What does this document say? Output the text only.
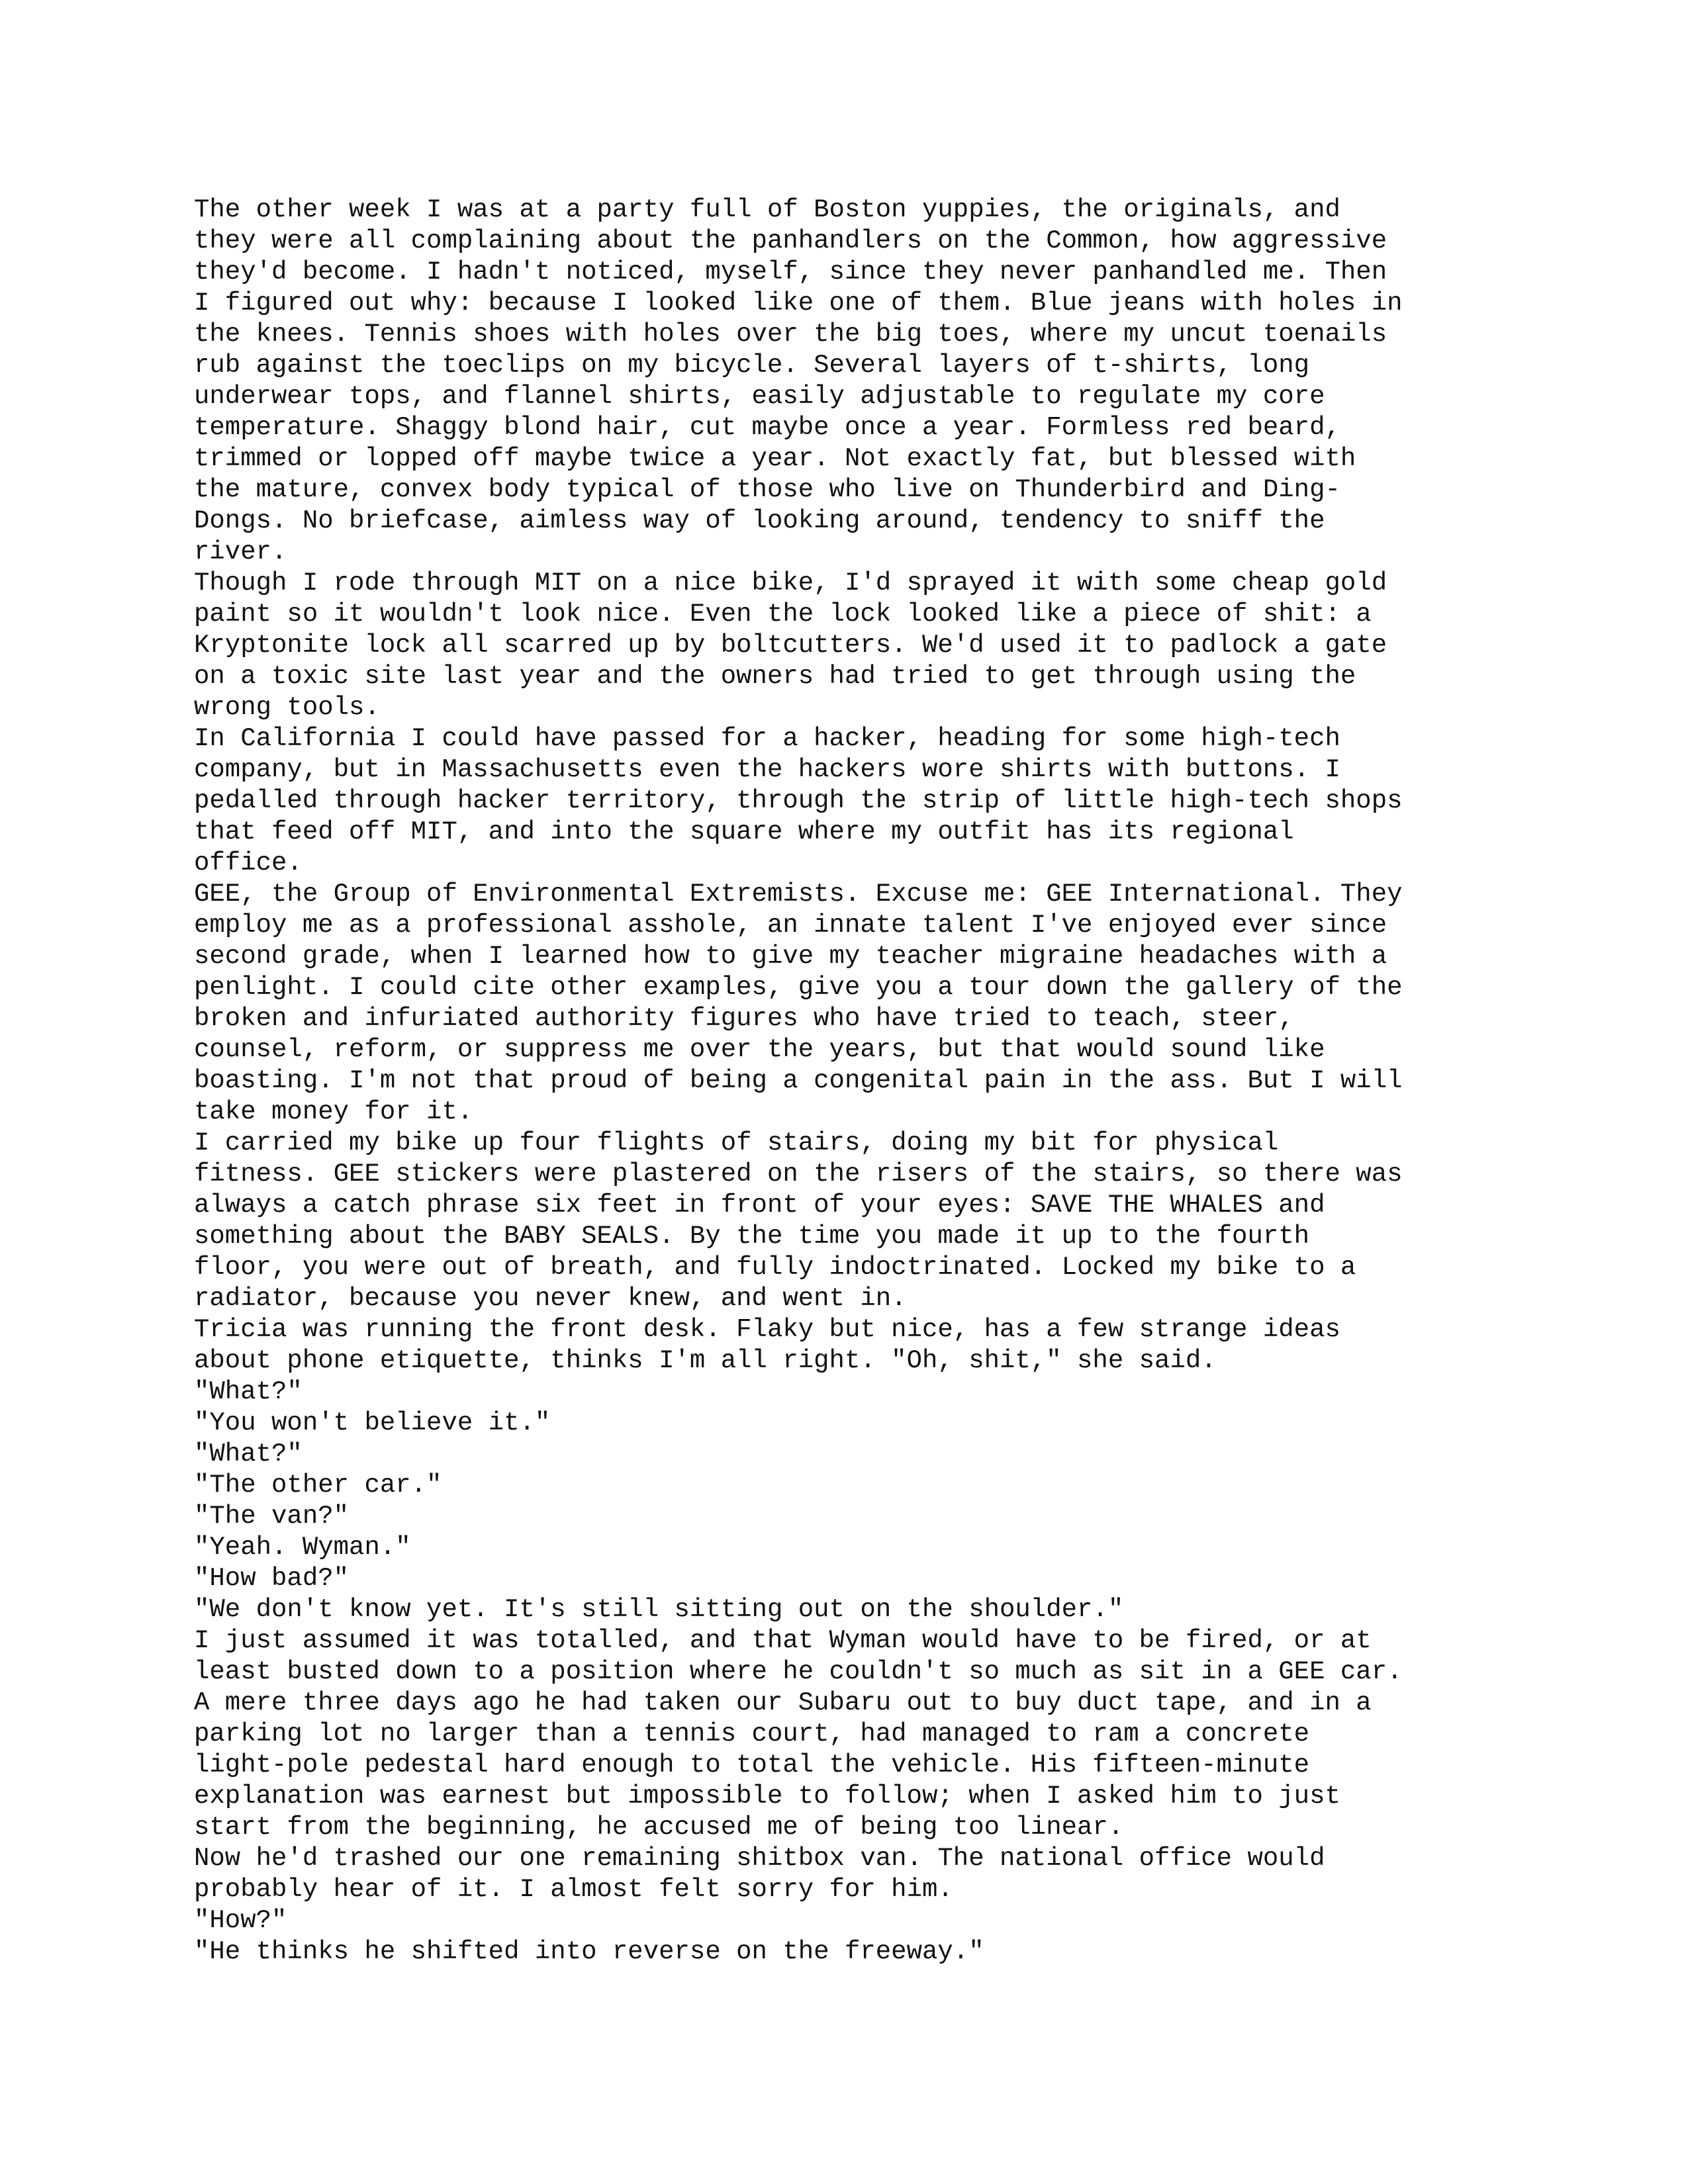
The other week I was at a party full of Boston yuppies, the originals, and
they were all complaining about the panhandlers on the Common, how aggressive
they'd become. I hadn't noticed, myself, since they never panhandled me. Then
I figured out why: because I looked like one of them. Blue jeans with holes in
the knees. Tennis shoes with holes over the big toes, where my uncut toenails
rub against the toeclips on my bicycle. Several layers of t-shirts, long
underwear tops, and flannel shirts, easily adjustable to regulate my core
temperature. Shaggy blond hair, cut maybe once a year. Formless red beard,
trimmed or lopped off maybe twice a year. Not exactly fat, but blessed with
the mature, convex body typical of those who live on Thunderbird and Ding-
Dongs. No briefcase, aimless way of looking around, tendency to sniff the
river.
Though I rode through MIT on a nice bike, I'd sprayed it with some cheap gold
paint so it wouldn't look nice. Even the lock looked like a piece of shit: a
Kryptonite lock all scarred up by boltcutters. We'd used it to padlock a gate
on a toxic site last year and the owners had tried to get through using the
wrong tools.
In California I could have passed for a hacker, heading for some high-tech
company, but in Massachusetts even the hackers wore shirts with buttons. I
pedalled through hacker territory, through the strip of little high-tech shops
that feed off MIT, and into the square where my outfit has its regional
office.
GEE, the Group of Environmental Extremists. Excuse me: GEE International. They
employ me as a professional asshole, an innate talent I've enjoyed ever since
second grade, when I learned how to give my teacher migraine headaches with a
penlight. I could cite other examples, give you a tour down the gallery of the
broken and infuriated authority figures who have tried to teach, steer,
counsel, reform, or suppress me over the years, but that would sound like
boasting. I'm not that proud of being a congenital pain in the ass. But I will
take money for it.
I carried my bike up four flights of stairs, doing my bit for physical
fitness. GEE stickers were plastered on the risers of the stairs, so there was
always a catch phrase six feet in front of your eyes: SAVE THE WHALES and
something about the BABY SEALS. By the time you made it up to the fourth
floor, you were out of breath, and fully indoctrinated. Locked my bike to a
radiator, because you never knew, and went in.
Tricia was running the front desk. Flaky but nice, has a few strange ideas
about phone etiquette, thinks I'm all right. "Oh, shit," she said.
"What?"
"You won't believe it."
"What?"
"The other car."
"The van?"
"Yeah. Wyman."
"How bad?"
"We don't know yet. It's still sitting out on the shoulder."
I just assumed it was totalled, and that Wyman would have to be fired, or at
least busted down to a position where he couldn't so much as sit in a GEE car.
A mere three days ago he had taken our Subaru out to buy duct tape, and in a
parking lot no larger than a tennis court, had managed to ram a concrete
light-pole pedestal hard enough to total the vehicle. His fifteen-minute
explanation was earnest but impossible to follow; when I asked him to just
start from the beginning, he accused me of being too linear.
Now he'd trashed our one remaining shitbox van. The national office would
probably hear of it. I almost felt sorry for him.
"How?"
"He thinks he shifted into reverse on the freeway."
